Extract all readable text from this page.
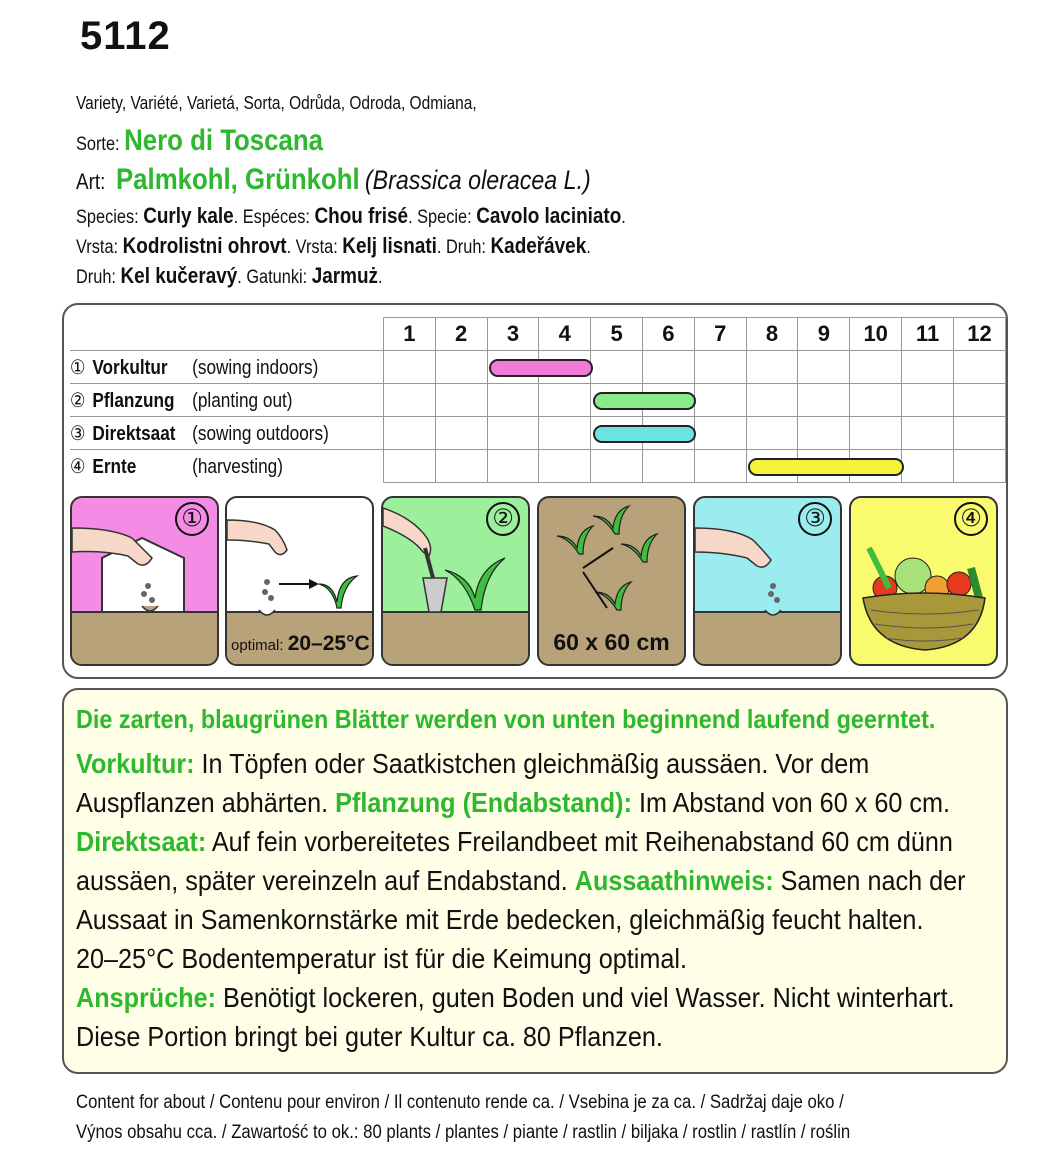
5112
Variety, Variété, Varietá, Sorta, Odrůda, Odroda, Odmiana,
Sorte: Nero di Toscana
Art: Palmkohl, Grünkohl (Brassica oleracea L.)
Species: Curly kale. Espéces: Chou frisé. Specie: Cavolo laciniato.
Vrsta: Kodrolistni ohrovt. Vrsta: Kelj lisnati. Druh: Kadeřávek.
Druh: Kel kučeravý. Gatunki: Jarmuż.
	1	2	3	4	5	6	7	8	9	10	11	12
① Vorkultur (sowing indoors)												
② Pflanzung (planting out)												
③ Direktsaat (sowing outdoors)												
④ Ernte (harvesting)												
①
optimal: 20–25°C
②
60 x 60 cm
③	④
Die zarten, blaugrünen Blätter werden von unten beginnend laufend geerntet.
Vorkultur: In Töpfen oder Saatkistchen gleichmäßig aussäen. Vor dem
Auspflanzen abhärten. Pflanzung (Endabstand): Im Abstand von 60 x 60 cm.
Direktsaat: Auf fein vorbereitetes Freilandbeet mit Reihenabstand 60 cm dünn
aussäen, später vereinzeln auf Endabstand. Aussaathinweis: Samen nach der
Aussaat in Samenkornstärke mit Erde bedecken, gleichmäßig feucht halten.
20–25°C Bodentemperatur ist für die Keimung optimal.
Ansprüche: Benötigt lockeren, guten Boden und viel Wasser. Nicht winterhart.
Diese Portion bringt bei guter Kultur ca. 80 Pflanzen.
Content for about / Contenu pour environ / Il contenuto rende ca. / Vsebina je za ca. / Sadržaj daje oko /
Výnos obsahu cca. / Zawartość to ok.: 80 plants / plantes / piante / rastlin / biljaka / rostlin / rastlín / roślin
